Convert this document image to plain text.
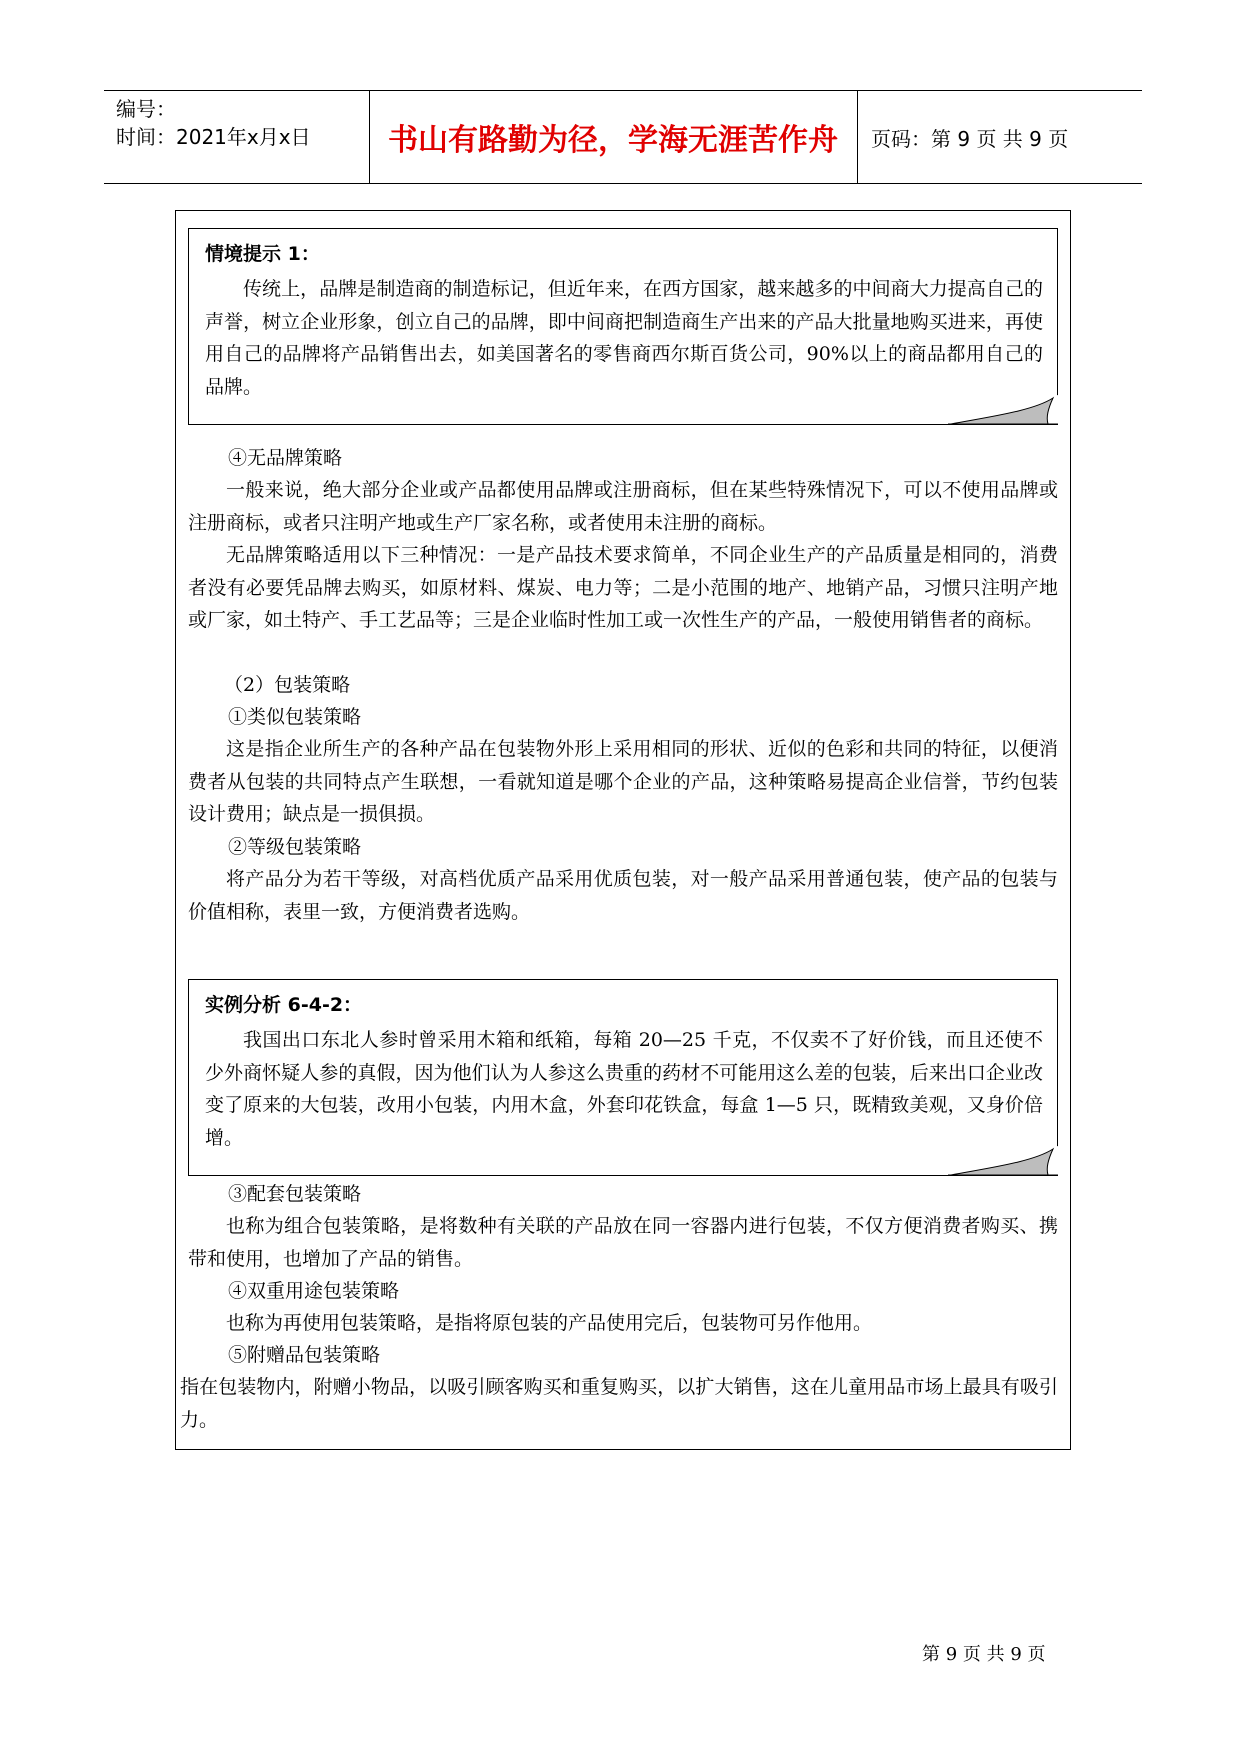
编号：
时间：2021年x月x日	书山有路勤为径，学海无涯苦作舟	页码：第 9 页 共 9 页
情境提示 1：
传统上，品牌是制造商的制造标记，但近年来，在西方国家，越来越多的中间商大力提高自己的声誉，树立企业形象，创立自己的品牌，即中间商把制造商生产出来的产品大批量地购买进来，再使用自己的品牌将产品销售出去，如美国著名的零售商西尔斯百货公司，90%以上的商品都用自己的品牌。
④无品牌策略
一般来说，绝大部分企业或产品都使用品牌或注册商标，但在某些特殊情况下，可以不使用品牌或注册商标，或者只注明产地或生产厂家名称，或者使用未注册的商标。
无品牌策略适用以下三种情况：一是产品技术要求简单，不同企业生产的产品质量是相同的，消费者没有必要凭品牌去购买，如原材料、煤炭、电力等；二是小范围的地产、地销产品，习惯只注明产地或厂家，如土特产、手工艺品等；三是企业临时性加工或一次性生产的产品，一般使用销售者的商标。
（2）包装策略
①类似包装策略
这是指企业所生产的各种产品在包装物外形上采用相同的形状、近似的色彩和共同的特征，以便消费者从包装的共同特点产生联想，一看就知道是哪个企业的产品，这种策略易提高企业信誉，节约包装设计费用；缺点是一损俱损。
②等级包装策略
将产品分为若干等级，对高档优质产品采用优质包装，对一般产品采用普通包装，使产品的包装与价值相称，表里一致，方便消费者选购。
实例分析 6-4-2：
我国出口东北人参时曾采用木箱和纸箱，每箱 20—25 千克，不仅卖不了好价钱，而且还使不少外商怀疑人参的真假，因为他们认为人参这么贵重的药材不可能用这么差的包装，后来出口企业改变了原来的大包装，改用小包装，内用木盒，外套印花铁盒，每盒 1—5 只，既精致美观，又身价倍增。
③配套包装策略
也称为组合包装策略，是将数种有关联的产品放在同一容器内进行包装，不仅方便消费者购买、携带和使用，也增加了产品的销售。
④双重用途包装策略
也称为再使用包装策略，是指将原包装的产品使用完后，包装物可另作他用。
⑤附赠品包装策略
指在包装物内，附赠小物品，以吸引顾客购买和重复购买，以扩大销售，这在儿童用品市场上最具有吸引力。
第 9 页 共 9 页
